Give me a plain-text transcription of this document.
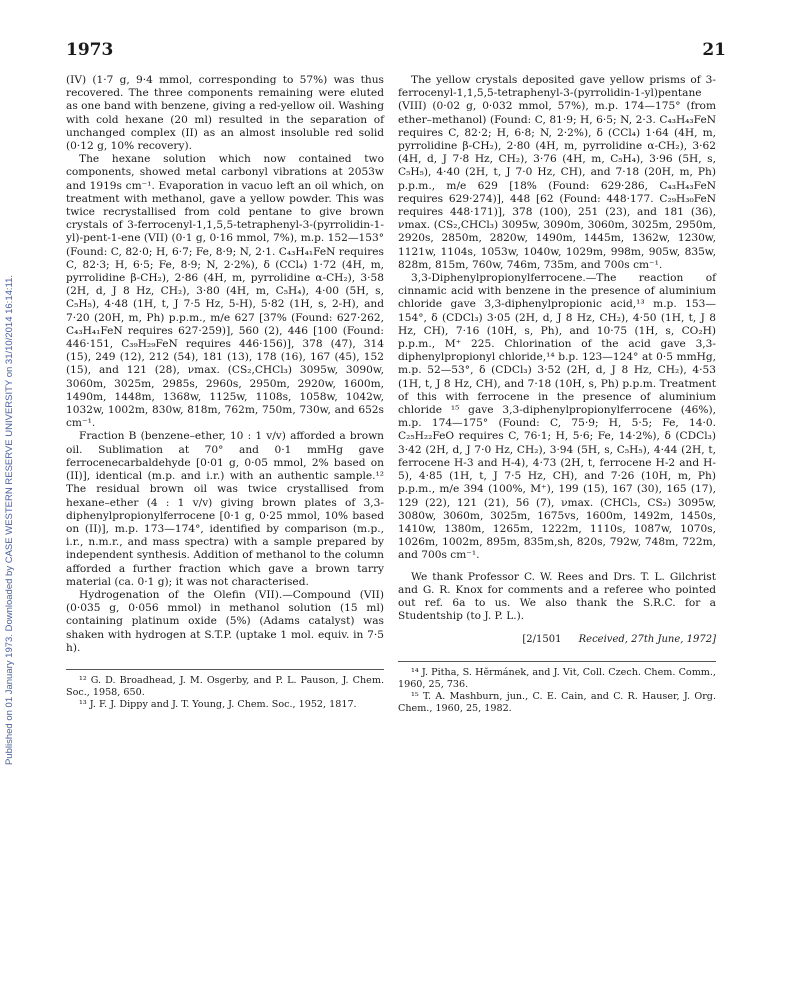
1973	21
Published on 01 January 1973. Downloaded by CASE WESTERN RESERVE UNIVERSITY on 31/10/2014 16:14:11.

(IV) (1·7 g, 9·4 mmol, corresponding to 57%) was thus recovered. The three components remaining were eluted as one band with benzene, giving a red-yellow oil. Washing with cold hexane (20 ml) resulted in the separation of unchanged complex (II) as an almost insoluble red solid (0·12 g, 10% recovery).

The hexane solution which now contained two components, showed metal carbonyl vibrations at 2053w and 1919s cm⁻¹. Evaporation in vacuo left an oil which, on treatment with methanol, gave a yellow powder. This was twice recrystallised from cold pentane to give brown crystals of 3-ferrocenyl-1,1,5,5-tetraphenyl-3-(pyrrolidin-1-yl)-pent-1-ene (VII) (0·1 g, 0·16 mmol, 7%), m.p. 152—153° (Found: C, 82·0; H, 6·7; Fe, 8·9; N, 2·1. C₄₃H₄₁FeN requires C, 82·3; H, 6·5; Fe, 8·9; N, 2·2%), δ (CCl₄) 1·72 (4H, m, pyrrolidine β-CH₂), 2·86 (4H, m, pyrrolidine α-CH₂), 3·58 (2H, d, J 8 Hz, CH₂), 3·80 (4H, m, C₅H₄), 4·00 (5H, s, C₅H₅), 4·48 (1H, t, J 7·5 Hz, 5-H), 5·82 (1H, s, 2-H), and 7·20 (20H, m, Ph) p.p.m., m/e 627 [37% (Found: 627·262, C₄₃H₄₁FeN requires 627·259)], 560 (2), 446 [100 (Found: 446·151, C₃₉H₂₉FeN requires 446·156)], 378 (47), 314 (15), 249 (12), 212 (54), 181 (13), 178 (16), 167 (45), 152 (15), and 121 (28), νmax. (CS₂,CHCl₃) 3095w, 3090w, 3060m, 3025m, 2985s, 2960s, 2950m, 2920w, 1600m, 1490m, 1448m, 1368w, 1125w, 1108s, 1058w, 1042w, 1032w, 1002m, 830w, 818m, 762m, 750m, 730w, and 652s cm⁻¹.

Fraction B (benzene–ether, 10 : 1 v/v) afforded a brown oil. Sublimation at 70° and 0·1 mmHg gave ferrocenecarbaldehyde [0·01 g, 0·05 mmol, 2% based on (II)], identical (m.p. and i.r.) with an authentic sample.¹² The residual brown oil was twice crystallised from hexane–ether (4 : 1 v/v) giving brown plates of 3,3-diphenylpropionylferrocene [0·1 g, 0·25 mmol, 10% based on (II)], m.p. 173—174°, identified by comparison (m.p., i.r., n.m.r., and mass spectra) with a sample prepared by independent synthesis. Addition of methanol to the column afforded a further fraction which gave a brown tarry material (ca. 0·1 g); it was not characterised.

Hydrogenation of the Olefin (VII).—Compound (VII) (0·035 g, 0·056 mmol) in methanol solution (15 ml) containing platinum oxide (5%) (Adams catalyst) was shaken with hydrogen at S.T.P. (uptake 1 mol. equiv. in 7·5 h).

¹² G. D. Broadhead, J. M. Osgerby, and P. L. Pauson, J. Chem. Soc., 1958, 650.

¹³ J. F. J. Dippy and J. T. Young, J. Chem. Soc., 1952, 1817.

The yellow crystals deposited gave yellow prisms of 3-ferrocenyl-1,1,5,5-tetraphenyl-3-(pyrrolidin-1-yl)pentane (VIII) (0·02 g, 0·032 mmol, 57%), m.p. 174—175° (from ether–methanol) (Found: C, 81·9; H, 6·5; N, 2·3. C₄₃H₄₃FeN requires C, 82·2; H, 6·8; N, 2·2%), δ (CCl₄) 1·64 (4H, m, pyrrolidine β-CH₂), 2·80 (4H, m, pyrrolidine α-CH₂), 3·62 (4H, d, J 7·8 Hz, CH₂), 3·76 (4H, m, C₅H₄), 3·96 (5H, s, C₅H₅), 4·40 (2H, t, J 7·0 Hz, CH), and 7·18 (20H, m, Ph) p.p.m., m/e 629 [18% (Found: 629·286, C₄₃H₄₃FeN requires 629·274)], 448 [62 (Found: 448·177. C₂₉H₃₀FeN requires 448·171)], 378 (100), 251 (23), and 181 (36), νmax. (CS₂,CHCl₃) 3095w, 3090m, 3060m, 3025m, 2950m, 2920s, 2850m, 2820w, 1490m, 1445m, 1362w, 1230w, 1121w, 1104s, 1053w, 1040w, 1029m, 998m, 905w, 835w, 828m, 815m, 760w, 746m, 735m, and 700s cm⁻¹.

3,3-Diphenylpropionylferrocene.—The reaction of cinnamic acid with benzene in the presence of aluminium chloride gave 3,3-diphenylpropionic acid,¹³ m.p. 153—154°, δ (CDCl₃) 3·05 (2H, d, J 8 Hz, CH₂), 4·50 (1H, t, J 8 Hz, CH), 7·16 (10H, s, Ph), and 10·75 (1H, s, CO₂H) p.p.m., M⁺ 225. Chlorination of the acid gave 3,3-diphenylpropionyl chloride,¹⁴ b.p. 123—124° at 0·5 mmHg, m.p. 52—53°, δ (CDCl₃) 3·52 (2H, d, J 8 Hz, CH₂), 4·53 (1H, t, J 8 Hz, CH), and 7·18 (10H, s, Ph) p.p.m. Treatment of this with ferrocene in the presence of aluminium chloride ¹⁵ gave 3,3-diphenylpropionylferrocene (46%), m.p. 174—175° (Found: C, 75·9; H, 5·5; Fe, 14·0. C₂₅H₂₂FeO requires C, 76·1; H, 5·6; Fe, 14·2%), δ (CDCl₃) 3·42 (2H, d, J 7·0 Hz, CH₂), 3·94 (5H, s, C₅H₅), 4·44 (2H, t, ferrocene H-3 and H-4), 4·73 (2H, t, ferrocene H-2 and H-5), 4·85 (1H, t, J 7·5 Hz, CH), and 7·26 (10H, m, Ph) p.p.m., m/e 394 (100%, M⁺), 199 (15), 167 (30), 165 (17), 129 (22), 121 (21), 56 (7), νmax. (CHCl₃, CS₂) 3095w, 3080w, 3060m, 3025m, 1675vs, 1600m, 1492m, 1450s, 1410w, 1380m, 1265m, 1222m, 1110s, 1087w, 1070s, 1026m, 1002m, 895m, 835m,sh, 820s, 792w, 748m, 722m, and 700s cm⁻¹.

We thank Professor C. W. Rees and Drs. T. L. Gilchrist and G. R. Knox for comments and a referee who pointed out ref. 6a to us. We also thank the S.R.C. for a Studentship (to J. P. L.).

[2/1501 Received, 27th June, 1972]

¹⁴ J. Pitha, S. Hĕrmánek, and J. Vit, Coll. Czech. Chem. Comm., 1960, 25, 736.

¹⁵ T. A. Mashburn, jun., C. E. Cain, and C. R. Hauser, J. Org. Chem., 1960, 25, 1982.
